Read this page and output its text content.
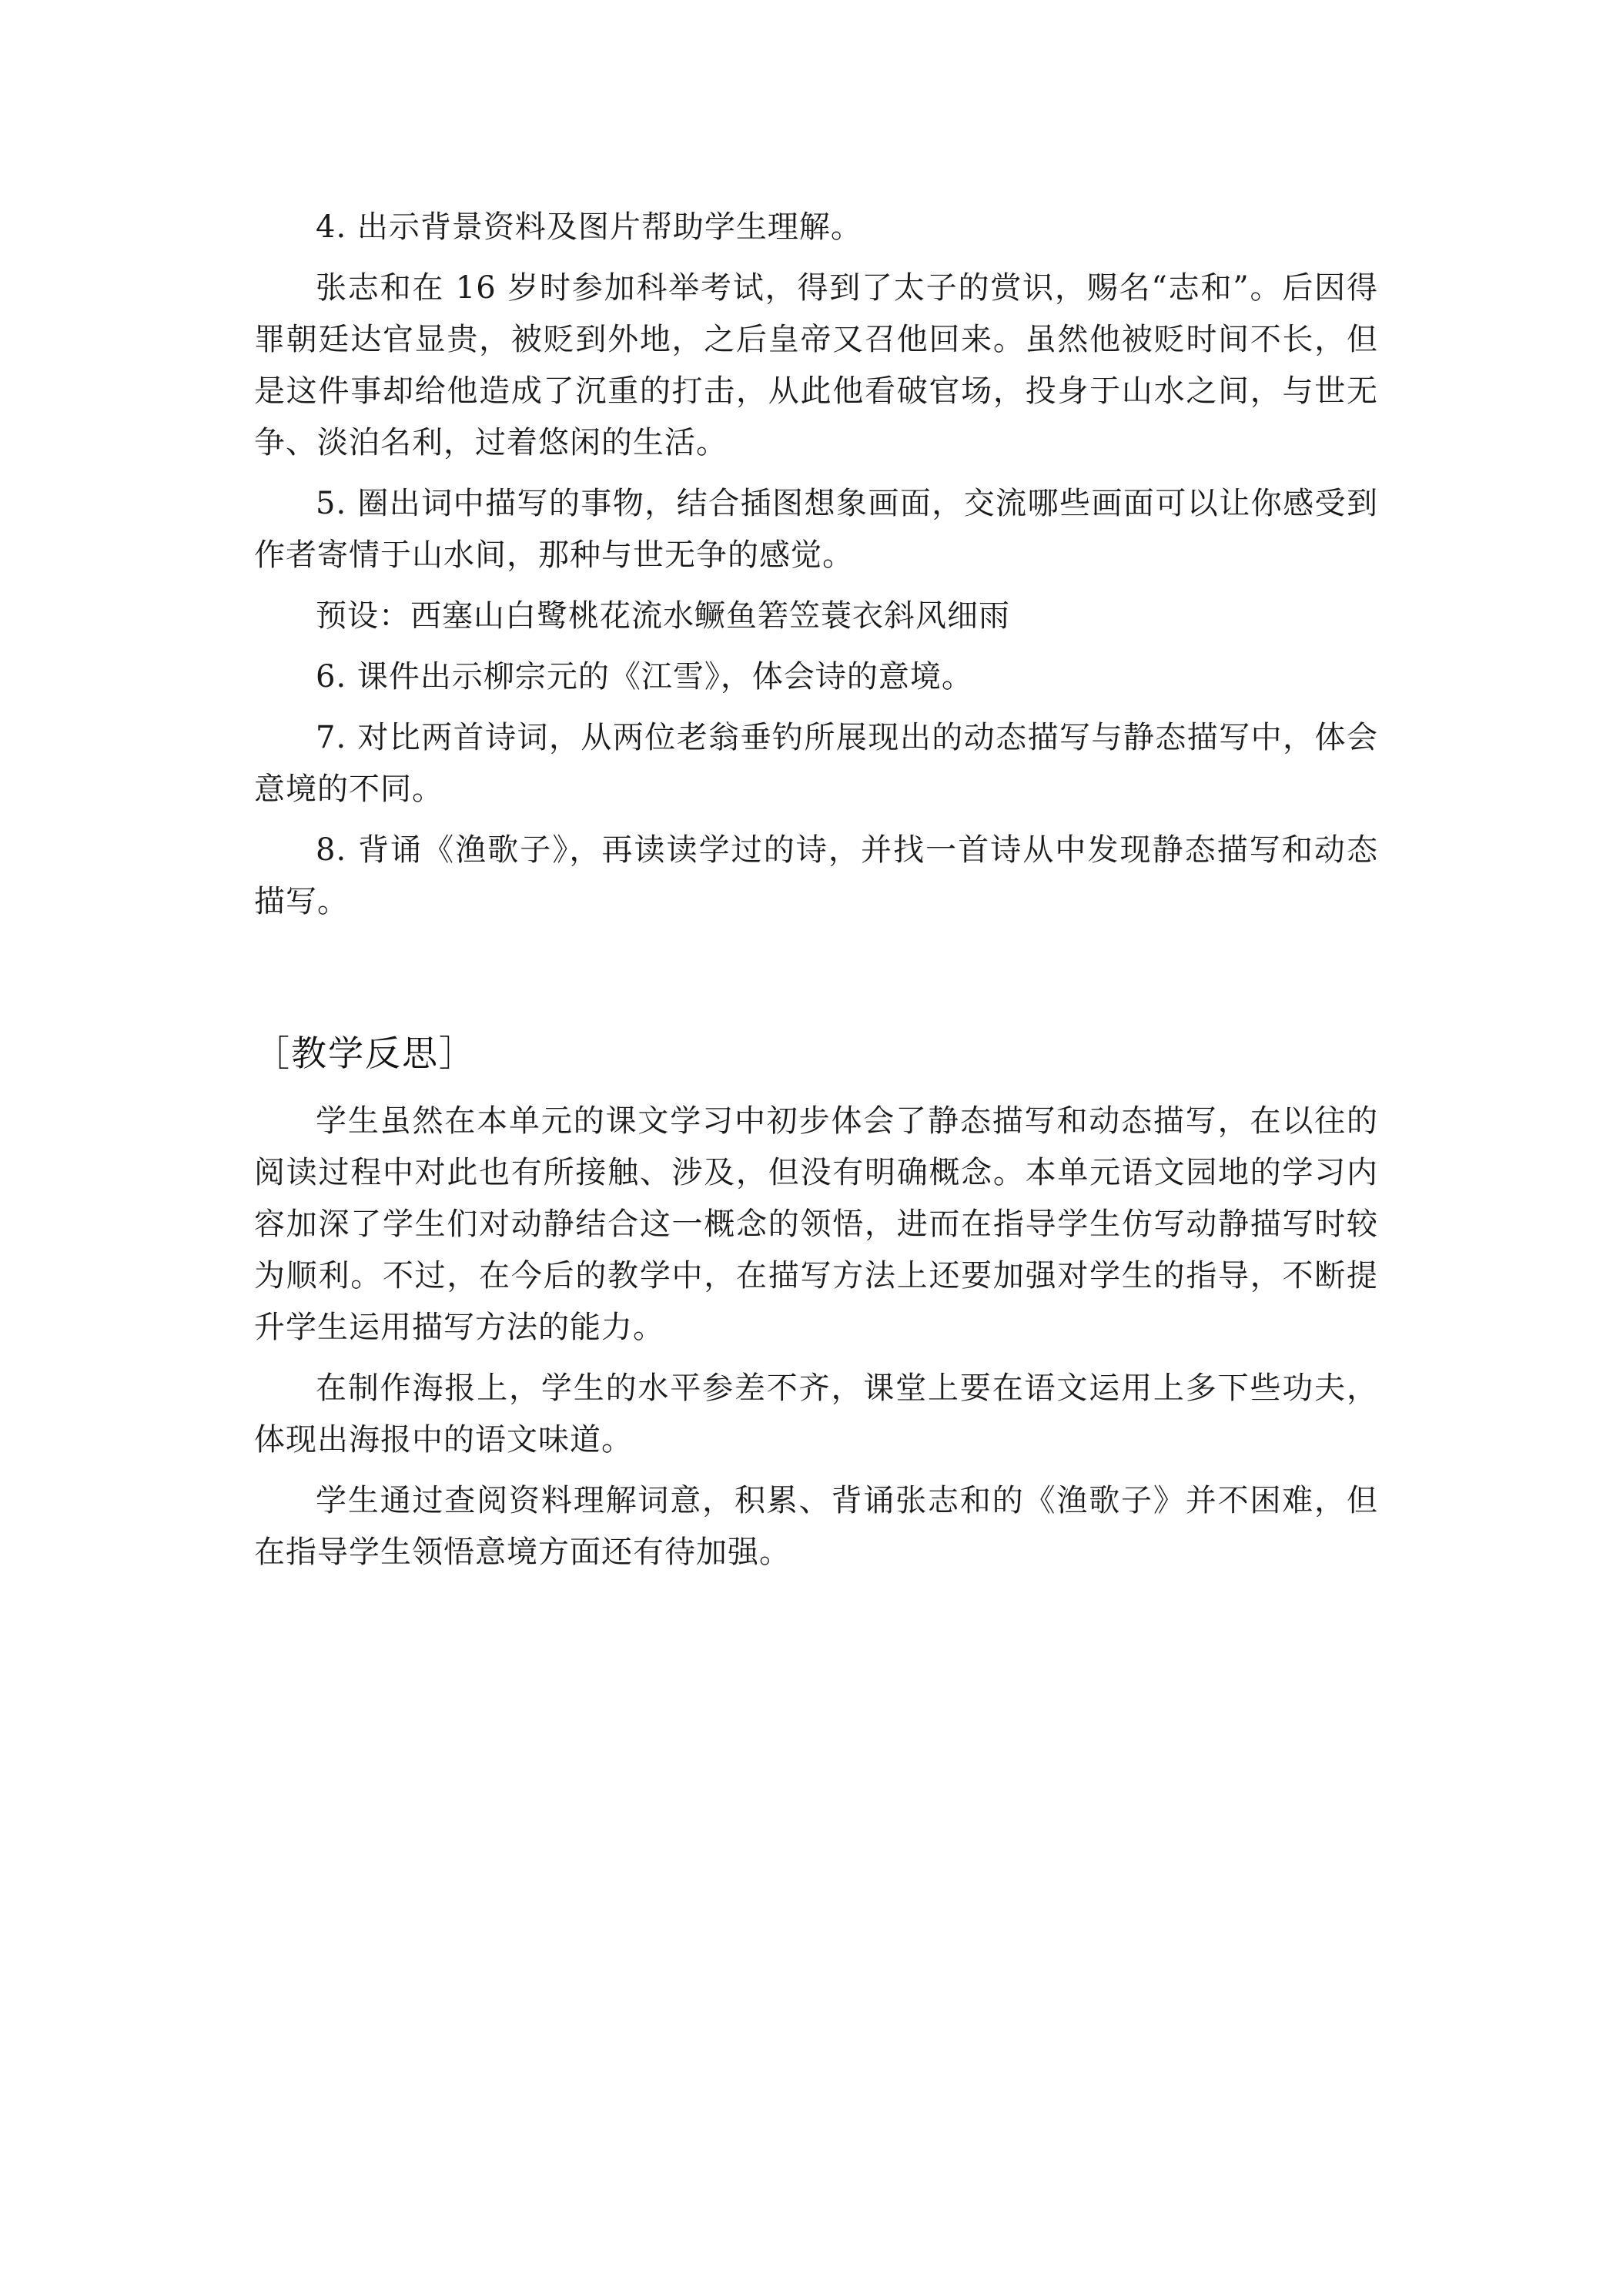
4. 出示背景资料及图片帮助学生理解。

张志和在 16 岁时参加科举考试，得到了太子的赏识，赐名“志和”。后因得罪朝廷达官显贵，被贬到外地，之后皇帝又召他回来。虽然他被贬时间不长，但是这件事却给他造成了沉重的打击，从此他看破官场，投身于山水之间，与世无争、淡泊名利，过着悠闲的生活。

5. 圈出词中描写的事物，结合插图想象画面，交流哪些画面可以让你感受到作者寄情于山水间，那种与世无争的感觉。

预设：西塞山白鹭桃花流水鳜鱼箬笠蓑衣斜风细雨

6. 课件出示柳宗元的《江雪》，体会诗的意境。

7. 对比两首诗词，从两位老翁垂钓所展现出的动态描写与静态描写中，体会意境的不同。

8. 背诵《渔歌子》，再读读学过的诗，并找一首诗从中发现静态描写和动态描写。

［教学反思］

学生虽然在本单元的课文学习中初步体会了静态描写和动态描写，在以往的阅读过程中对此也有所接触、涉及，但没有明确概念。本单元语文园地的学习内容加深了学生们对动静结合这一概念的领悟，进而在指导学生仿写动静描写时较为顺利。不过，在今后的教学中，在描写方法上还要加强对学生的指导，不断提升学生运用描写方法的能力。

在制作海报上，学生的水平参差不齐，课堂上要在语文运用上多下些功夫，体现出海报中的语文味道。

学生通过查阅资料理解词意，积累、背诵张志和的《渔歌子》并不困难，但在指导学生领悟意境方面还有待加强。
